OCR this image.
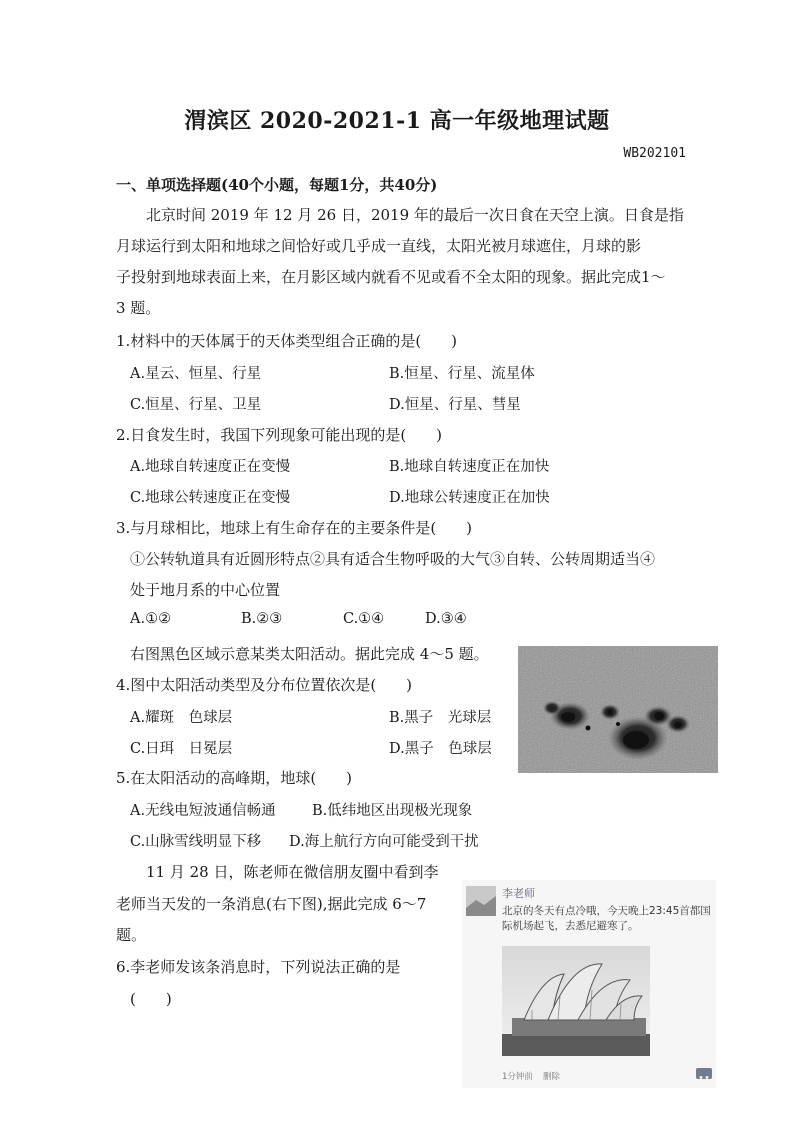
渭滨区 2020-2021-1 高一年级地理试题
WB202101
一、单项选择题(40个小题，每题1分，共40分)
北京时间 2019 年 12 月 26 日，2019 年的最后一次日食在天空上演。日食是指
月球运行到太阳和地球之间恰好或几乎成一直线，太阳光被月球遮住，月球的影
子投射到地球表面上来，在月影区域内就看不见或看不全太阳的现象。据此完成1～
3 题。
1.材料中的天体属于的天体类型组合正确的是(　　)
A.星云、恒星、行星	B.恒星、行星、流星体
C.恒星、行星、卫星	D.恒星、行星、彗星
2.日食发生时，我国下列现象可能出现的是(　　)
A.地球自转速度正在变慢	B.地球自转速度正在加快
C.地球公转速度正在变慢	D.地球公转速度正在加快
3.与月球相比，地球上有生命存在的主要条件是(　　)
①公转轨道具有近圆形特点②具有适合生物呼吸的大气③自转、公转周期适当④
处于地月系的中心位置
A.①②	B.②③	C.①④	D.③④
右图黑色区域示意某类太阳活动。据此完成 4～5 题。
4.图中太阳活动类型及分布位置依次是(　　)
A.耀斑　色球层	B.黑子　光球层
C.日珥　日冕层	D.黑子　色球层
5.在太阳活动的高峰期，地球(　　)
A.无线电短波通信畅通	B.低纬地区出现极光现象
C.山脉雪线明显下移 D.海上航行方向可能受到干扰
11 月 28 日，陈老师在微信朋友圈中看到李
老师当天发的一条消息(右下图),据此完成 6～7
题。
6.李老师发该条消息时，下列说法正确的是
(　　)
李老师
北京的冬天有点冷哦，今天晚上23:45首都国际机场起飞，去悉尼避寒了。
1分钟前 删除
